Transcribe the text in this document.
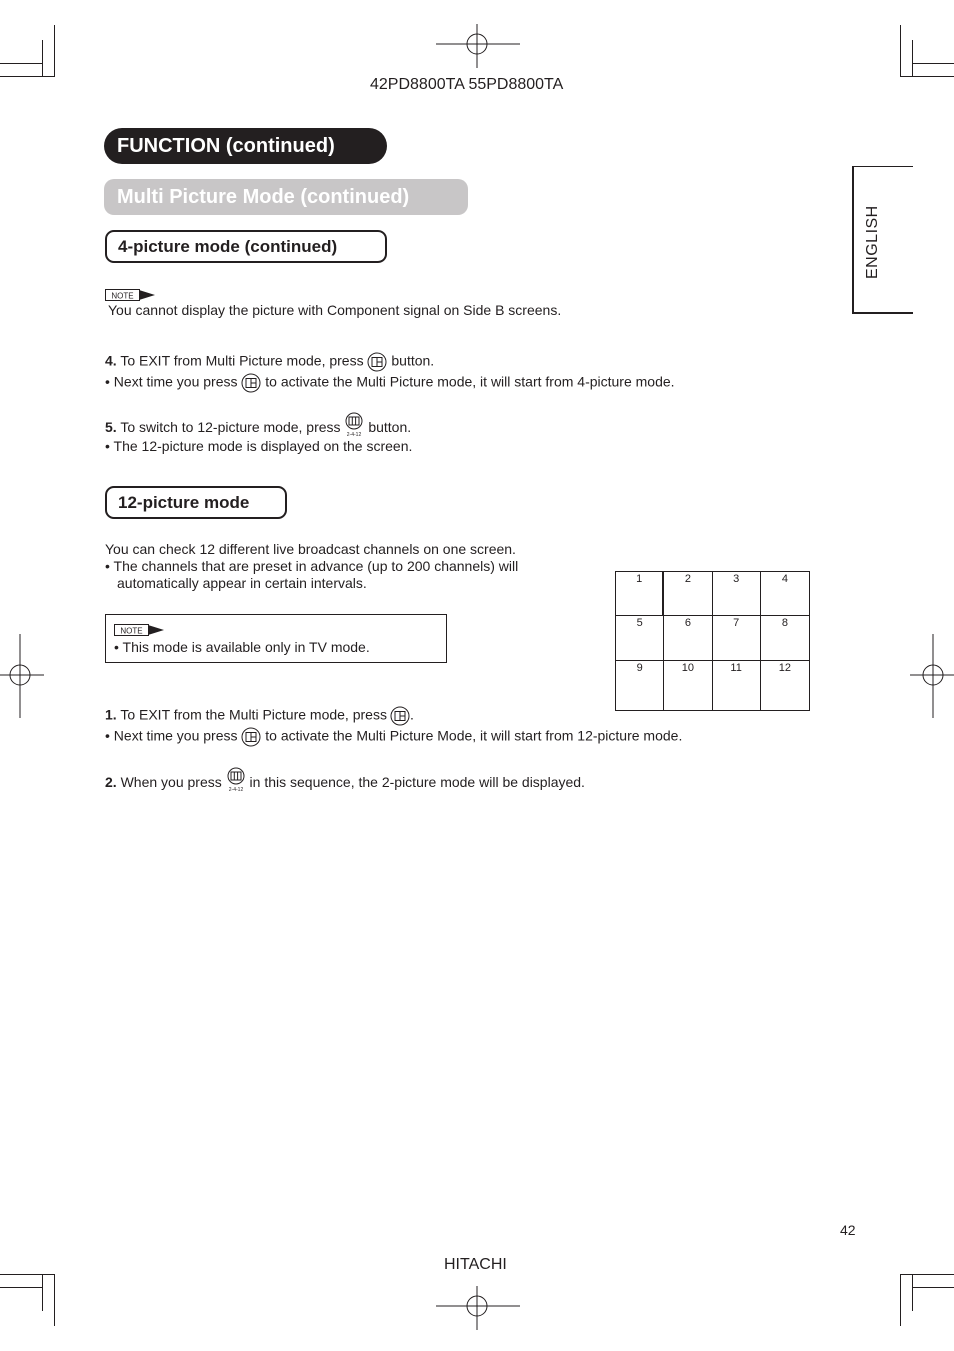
42PD8800TA 55PD8800TA
FUNCTION (continued)
Multi Picture Mode (continued)
ENGLISH
4-picture mode (continued)
NOTE
You cannot display the picture with Component signal on Side B screens.
4. To EXIT from Multi Picture mode, press button.
• Next time you press to activate the Multi Picture mode, it will start from 4-picture mode.
5. To switch to 12-picture mode, press 2-4-12 button.
• The 12-picture mode is displayed on the screen.
12-picture mode
You can check 12 different live broadcast channels on one screen.
• The channels that are preset in advance (up to 200 channels) will
automatically appear in certain intervals.
NOTE
• This mode is available only in TV mode.
1	2	3	4
5	6	7	8
9	10	11	12
1. To EXIT from the Multi Picture mode, press .
• Next time you press to activate the Multi Picture Mode, it will start from 12-picture mode.
2. When you press 2-4-12 in this sequence, the 2-picture mode will be displayed.
42
HITACHI
